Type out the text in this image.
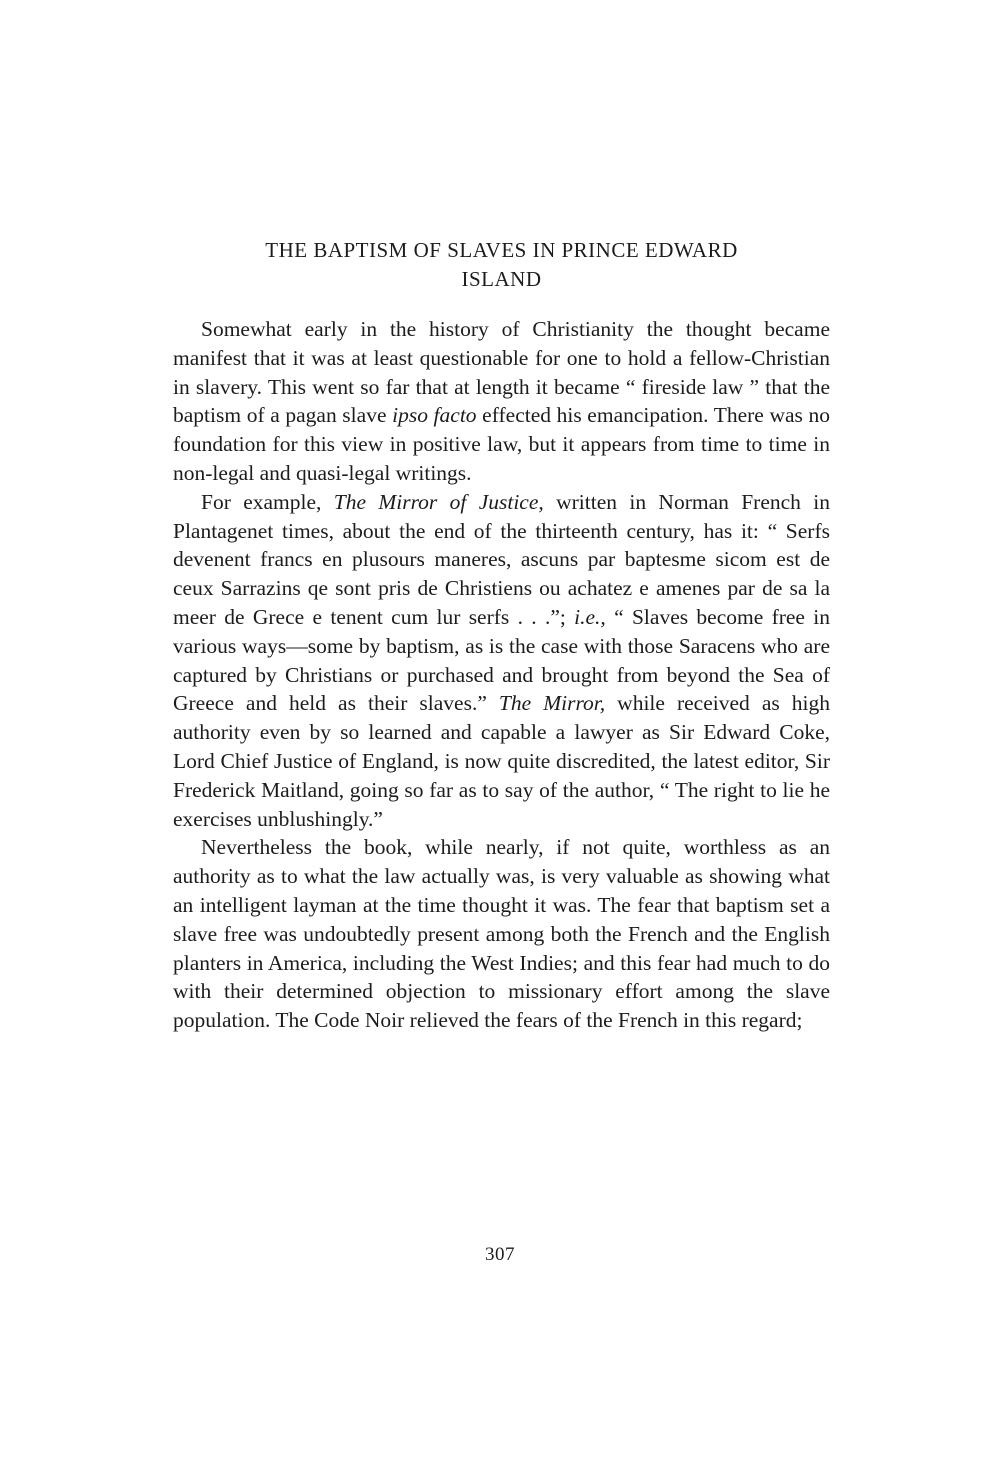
THE BAPTISM OF SLAVES IN PRINCE EDWARD
ISLAND

Somewhat early in the history of Christianity the thought became manifest that it was at least questionable for one to hold a fellow-Christian in slavery. This went so far that at length it became “ fireside law ” that the baptism of a pagan slave ipso facto effected his emancipation. There was no foundation for this view in positive law, but it appears from time to time in non-legal and quasi-legal writings.

For example, The Mirror of Justice, written in Norman French in Plantagenet times, about the end of the thirteenth century, has it: “ Serfs devenent francs en plusours maneres, ascuns par baptesme sicom est de ceux Sarrazins qe sont pris de Christiens ou achatez e amenes par de sa la meer de Grece e tenent cum lur serfs . . .”; i.e., “ Slaves become free in various ways—some by baptism, as is the case with those Saracens who are captured by Christians or purchased and brought from beyond the Sea of Greece and held as their slaves.” The Mirror, while received as high authority even by so learned and capable a lawyer as Sir Edward Coke, Lord Chief Justice of England, is now quite discredited, the latest editor, Sir Frederick Maitland, going so far as to say of the author, “ The right to lie he exercises unblushingly.”

Nevertheless the book, while nearly, if not quite, worthless as an authority as to what the law actually was, is very valuable as showing what an intelligent layman at the time thought it was. The fear that baptism set a slave free was undoubtedly present among both the French and the English planters in America, including the West Indies; and this fear had much to do with their determined objection to missionary effort among the slave population. The Code Noir relieved the fears of the French in this regard;

307
